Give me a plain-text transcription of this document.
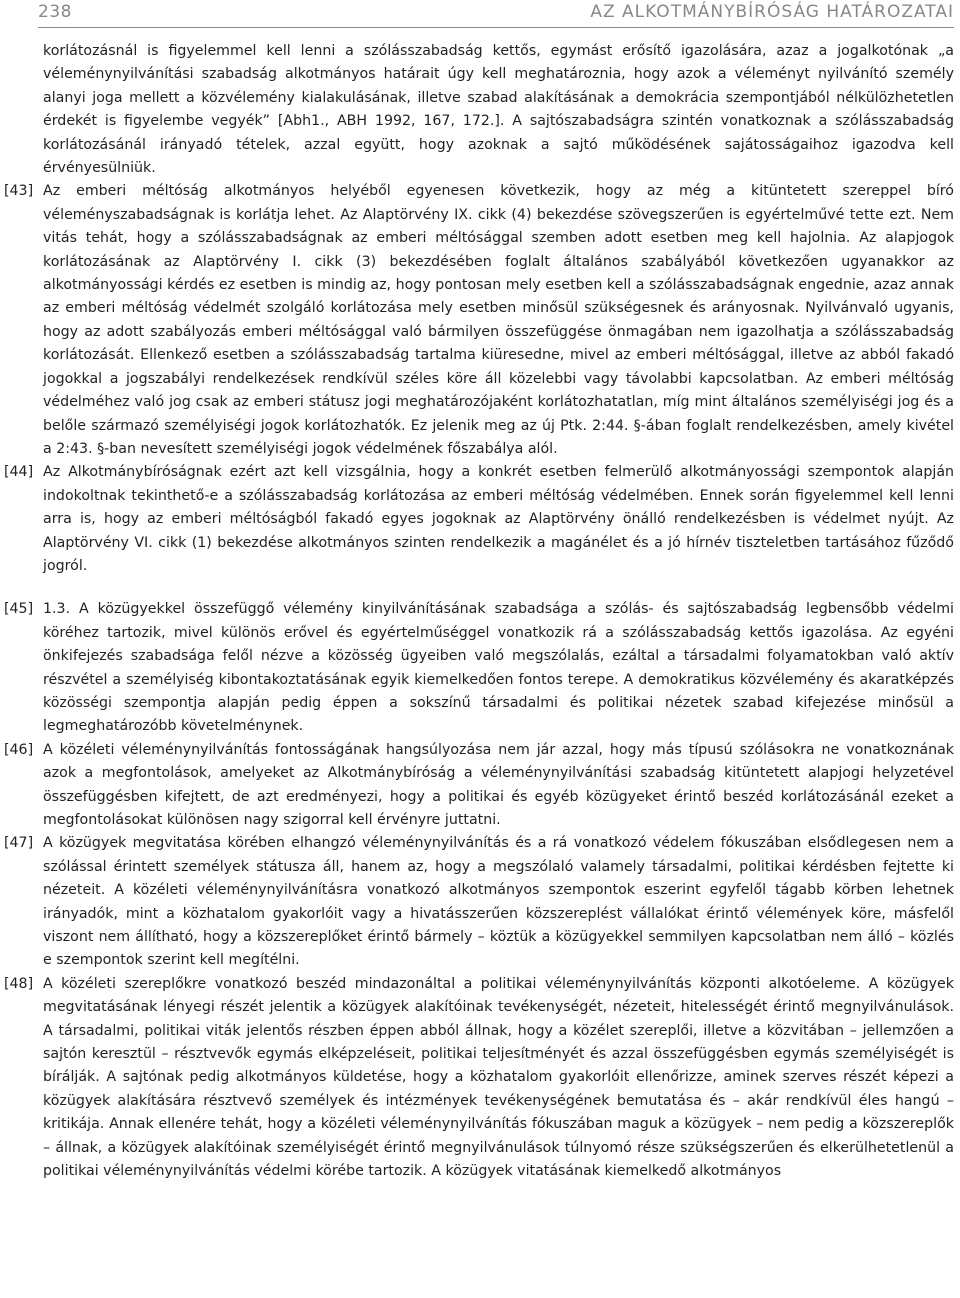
238	AZ ALKOTMÁNYBÍRÓSÁG HATÁROZATAI

korlátozásnál is figyelemmel kell lenni a szólásszabadság kettős, egymást erősítő igazolására, azaz a jogalkotónak „a véleménynyilvánítási szabadság alkotmányos határait úgy kell meghatároznia, hogy azok a véleményt nyilvánító személy alanyi joga mellett a közvélemény kialakulásának, illetve szabad alakításának a demokrácia szempontjából nélkülözhetetlen érdekét is figyelembe vegyék” [Abh1., ABH 1992, 167, 172.]. A sajtószabadságra szintén vonatkoznak a szólásszabadság korlátozásánál irányadó tételek, azzal együtt, hogy azoknak a sajtó működésének sajátosságaihoz igazodva kell érvényesülniük.

[43] Az emberi méltóság alkotmányos helyéből egyenesen következik, hogy az még a kitüntetett szereppel bíró véleményszabadságnak is korlátja lehet. Az Alaptörvény IX. cikk (4) bekezdése szövegszerűen is egyértelművé tette ezt. Nem vitás tehát, hogy a szólásszabadságnak az emberi méltósággal szemben adott esetben meg kell hajolnia. Az alapjogok korlátozásának az Alaptörvény I. cikk (3) bekezdésében foglalt általános szabályából következően ugyanakkor az alkotmányossági kérdés ez esetben is mindig az, hogy pontosan mely esetben kell a szólásszabadságnak engednie, azaz annak az emberi méltóság védelmét szolgáló korlátozása mely esetben minősül szükségesnek és arányosnak. Nyilvánvaló ugyanis, hogy az adott szabályozás emberi méltósággal való bármilyen összefüggése önmagában nem igazolhatja a szólásszabadság korlátozását. Ellenkező esetben a szólásszabadság tartalma kiüresedne, mivel az emberi méltósággal, illetve az abból fakadó jogokkal a jogszabályi rendelkezések rendkívül széles köre áll közelebbi vagy távolabbi kapcsolatban. Az emberi méltóság védelméhez való jog csak az emberi státusz jogi meghatározójaként korlátozhatatlan, míg mint általános személyiségi jog és a belőle származó személyiségi jogok korlátozhatók. Ez jelenik meg az új Ptk. 2:44. §-ában foglalt rendelkezésben, amely kivétel a 2:43. §-ban nevesített személyiségi jogok védelmének főszabálya alól.

[44] Az Alkotmánybíróságnak ezért azt kell vizsgálnia, hogy a konkrét esetben felmerülő alkotmányossági szempontok alapján indokoltnak tekinthető-e a szólásszabadság korlátozása az emberi méltóság védelmében. Ennek során figyelemmel kell lenni arra is, hogy az emberi méltóságból fakadó egyes jogoknak az Alaptörvény önálló rendelkezésben is védelmet nyújt. Az Alaptörvény VI. cikk (1) bekezdése alkotmányos szinten rendelkezik a magánélet és a jó hírnév tiszteletben tartásához fűződő jogról.

[45] 1.3. A közügyekkel összefüggő vélemény kinyilvánításának szabadsága a szólás- és sajtószabadság legbensőbb védelmi köréhez tartozik, mivel különös erővel és egyértelműséggel vonatkozik rá a szólásszabadság kettős igazolása. Az egyéni önkifejezés szabadsága felől nézve a közösség ügyeiben való megszólalás, ezáltal a társadalmi folyamatokban való aktív részvétel a személyiség kibontakoztatásának egyik kiemelkedően fontos terepe. A demokratikus közvélemény és akaratképzés közösségi szempontja alapján pedig éppen a sokszínű társadalmi és politikai nézetek szabad kifejezése minősül a legmeghatározóbb követelménynek.

[46] A közéleti véleménynyilvánítás fontosságának hangsúlyozása nem jár azzal, hogy más típusú szólásokra ne vonatkoznának azok a megfontolások, amelyeket az Alkotmánybíróság a véleménynyilvánítási szabadság kitüntetett alapjogi helyzetével összefüggésben kifejtett, de azt eredményezi, hogy a politikai és egyéb közügyeket érintő beszéd korlátozásánál ezeket a megfontolásokat különösen nagy szigorral kell érvényre juttatni.

[47] A közügyek megvitatása körében elhangzó véleménynyilvánítás és a rá vonatkozó védelem fókuszában elsődlegesen nem a szólással érintett személyek státusza áll, hanem az, hogy a megszólaló valamely társadalmi, politikai kérdésben fejtette ki nézeteit. A közéleti véleménynyilvánításra vonatkozó alkotmányos szempontok eszerint egyfelől tágabb körben lehetnek irányadók, mint a közhatalom gyakorlóit vagy a hivatásszerűen közszereplést vállalókat érintő vélemények köre, másfelől viszont nem állítható, hogy a közszereplőket érintő bármely – köztük a közügyekkel semmilyen kapcsolatban nem álló – közlés e szempontok szerint kell megítélni.

[48] A közéleti szereplőkre vonatkozó beszéd mindazonáltal a politikai véleménynyilvánítás központi alkotóeleme. A közügyek megvitatásának lényegi részét jelentik a közügyek alakítóinak tevékenységét, nézeteit, hitelességét érintő megnyilvánulások. A társadalmi, politikai viták jelentős részben éppen abból állnak, hogy a közélet szereplői, illetve a közvitában – jellemzően a sajtón keresztül – résztvevők egymás elképzeléseit, politikai teljesítményét és azzal összefüggésben egymás személyiségét is bírálják. A sajtónak pedig alkotmányos küldetése, hogy a közhatalom gyakorlóit ellenőrizze, aminek szerves részét képezi a közügyek alakítására résztvevő személyek és intézmények tevékenységének bemutatása és – akár rendkívül éles hangú – kritikája. Annak ellenére tehát, hogy a közéleti véleménynyilvánítás fókuszában maguk a közügyek – nem pedig a közszereplők – állnak, a közügyek alakítóinak személyiségét érintő megnyilvánulások túlnyomó része szükségszerűen és elkerülhetetlenül a politikai véleménynyilvánítás védelmi körébe tartozik. A közügyek vitatásának kiemelkedő alkotmányos
